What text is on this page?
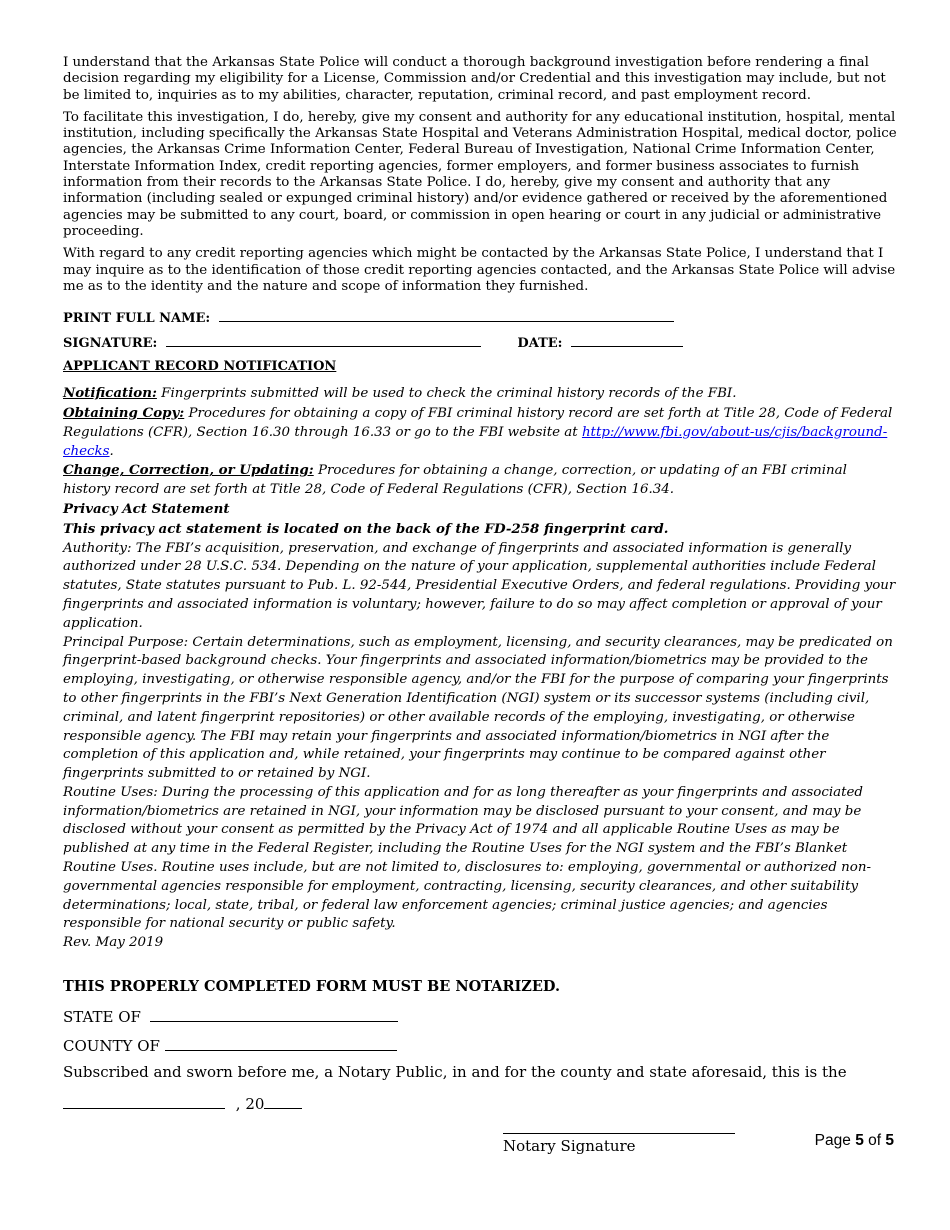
I understand that the Arkansas State Police will conduct a thorough background investigation before rendering a final decision regarding my eligibility for a License, Commission and/or Credential and this investigation may include, but not be limited to, inquiries as to my abilities, character, reputation, criminal record, and past employment record.

To facilitate this investigation, I do, hereby, give my consent and authority for any educational institution, hospital, mental institution, including specifically the Arkansas State Hospital and Veterans Administration Hospital, medical doctor, police agencies, the Arkansas Crime Information Center, Federal Bureau of Investigation, National Crime Information Center, Interstate Information Index, credit reporting agencies, former employers, and former business associates to furnish information from their records to the Arkansas State Police. I do, hereby, give my consent and authority that any information (including sealed or expunged criminal history) and/or evidence gathered or received by the aforementioned agencies may be submitted to any court, board, or commission in open hearing or court in any judicial or administrative proceeding.

With regard to any credit reporting agencies which might be contacted by the Arkansas State Police, I understand that I may inquire as to the identification of those credit reporting agencies contacted, and the Arkansas State Police will advise me as to the identity and the nature and scope of information they furnished.

PRINT FULL NAME:
SIGNATURE:	DATE:
APPLICANT RECORD NOTIFICATION

Notification: Fingerprints submitted will be used to check the criminal history records of the FBI.

Obtaining Copy: Procedures for obtaining a copy of FBI criminal history record are set forth at Title 28, Code of Federal Regulations (CFR), Section 16.30 through 16.33 or go to the FBI website at http://www.fbi.gov/about-us/cjis/background-
checks.

Change, Correction, or Updating: Procedures for obtaining a change, correction, or updating of an FBI criminal history record are set forth at Title 28, Code of Federal Regulations (CFR), Section 16.34.

Privacy Act Statement

This privacy act statement is located on the back of the FD-258 fingerprint card.

Authority: The FBI’s acquisition, preservation, and exchange of fingerprints and associated information is generally authorized under 28 U.S.C. 534. Depending on the nature of your application, supplemental authorities include Federal statutes, State statutes pursuant to Pub. L. 92-544, Presidential Executive Orders, and federal regulations. Providing your fingerprints and associated information is voluntary; however, failure to do so may affect completion or approval of your application.

Principal Purpose: Certain determinations, such as employment, licensing, and security clearances, may be predicated on fingerprint-based background checks. Your fingerprints and associated information/biometrics may be provided to the employing, investigating, or otherwise responsible agency, and/or the FBI for the purpose of comparing your fingerprints to other fingerprints in the FBI’s Next Generation Identification (NGI) system or its successor systems (including civil, criminal, and latent fingerprint repositories) or other available records of the employing, investigating, or otherwise responsible agency. The FBI may retain your fingerprints and associated information/biometrics in NGI after the completion of this application and, while retained, your fingerprints may continue to be compared against other fingerprints submitted to or retained by NGI.

Routine Uses: During the processing of this application and for as long thereafter as your fingerprints and associated information/biometrics are retained in NGI, your information may be disclosed pursuant to your consent, and may be disclosed without your consent as permitted by the Privacy Act of 1974 and all applicable Routine Uses as may be published at any time in the Federal Register, including the Routine Uses for the NGI system and the FBI’s Blanket Routine Uses. Routine uses include, but are not limited to, disclosures to: employing, governmental or authorized non-governmental agencies responsible for employment, contracting, licensing, security clearances, and other suitability determinations; local, state, tribal, or federal law enforcement agencies; criminal justice agencies; and agencies responsible for national security or public safety.

Rev. May 2019

THIS PROPERLY COMPLETED FORM MUST BE NOTARIZED.
STATE OF
COUNTY OF
Subscribed and sworn before me, a Notary Public, in and for the county and state aforesaid, this is the
, 20
Notary Signature	Page 5 of 5
